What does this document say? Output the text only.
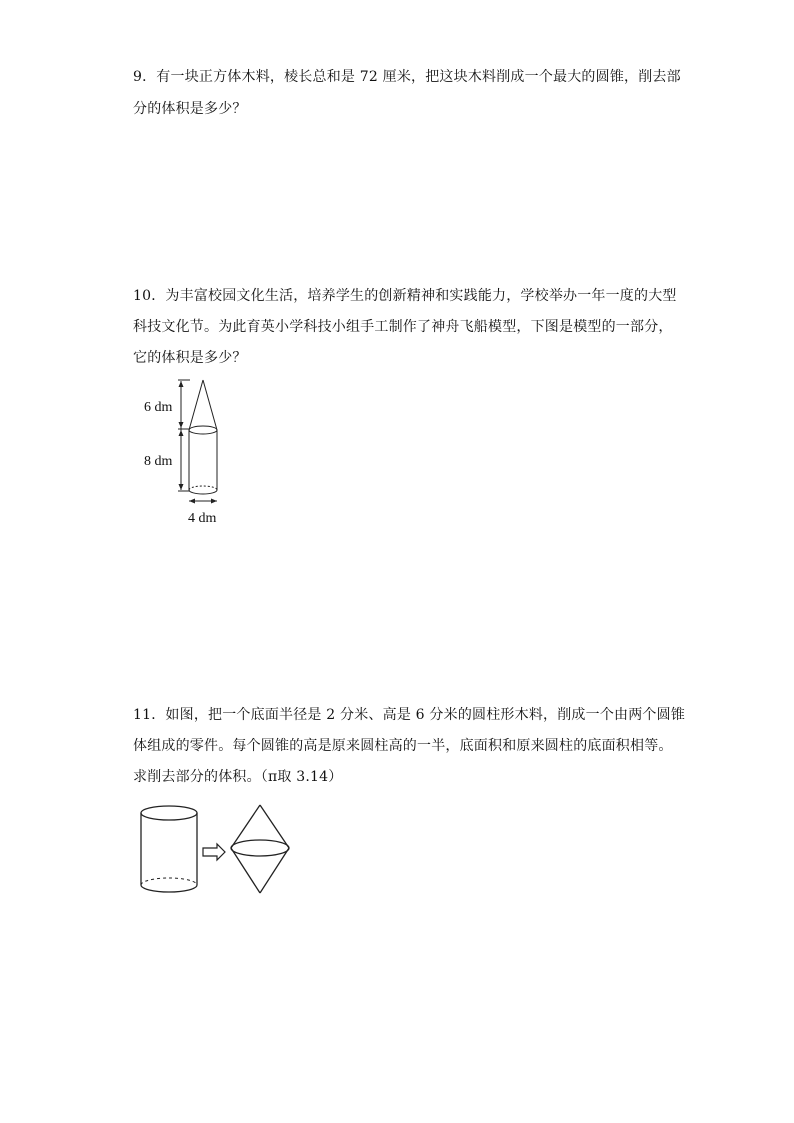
9．有一块正方体木料，棱长总和是 72 厘米，把这块木料削成一个最大的圆锥，削去部
分的体积是多少？
10．为丰富校园文化生活，培养学生的创新精神和实践能力，学校举办一年一度的大型
科技文化节。为此育英小学科技小组手工制作了神舟飞船模型，下图是模型的一部分，
它的体积是多少？
6 dm
8 dm
4 dm
11．如图，把一个底面半径是 2 分米、高是 6 分米的圆柱形木料，削成一个由两个圆锥
体组成的零件。每个圆锥的高是原来圆柱高的一半，底面积和原来圆柱的底面积相等。
求削去部分的体积。（π取 3.14）
